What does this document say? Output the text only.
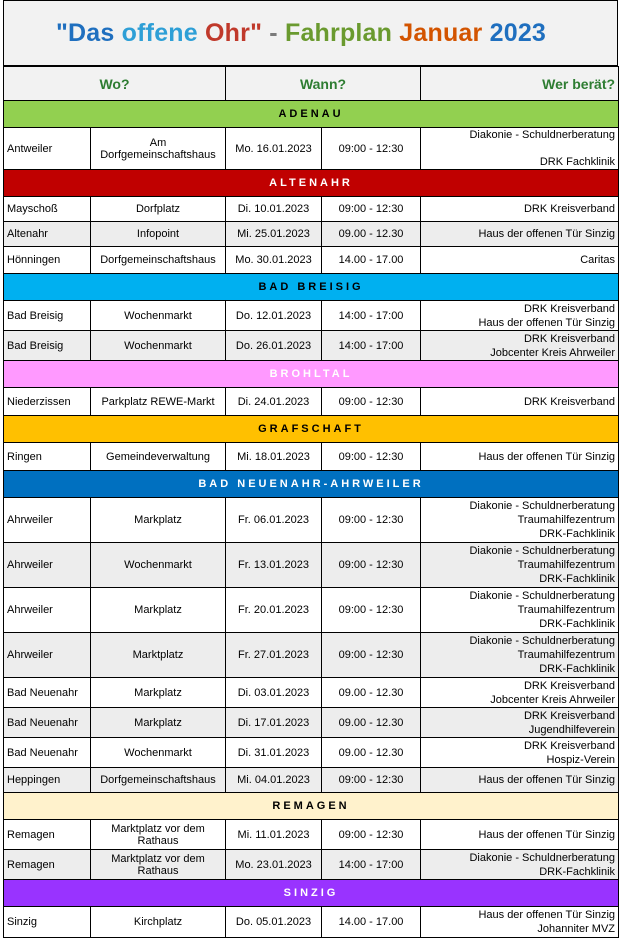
"Das offene Ohr" - Fahrplan Januar 2023
Wo?		Wann?		Wer berät?
ADENAU				
Antweiler	Am Dorfgemeinschaftshaus	Mo. 16.01.2023	09:00 - 12:30	Diakonie - Schuldnerberatung
DRK Fachklinik

ALTENAHR				
Mayschoß	Dorfplatz	Di. 10.01.2023	09:00 - 12:30	DRK Kreisverband

Altenahr	Infopoint	Mi. 25.01.2023	09.00 - 12.30	Haus der offenen Tür Sinzig

Hönningen	Dorfgemeinschaftshaus	Mo. 30.01.2023	14.00 - 17.00	Caritas

BAD BREISIG				
Bad Breisig	Wochenmarkt	Do. 12.01.2023	14:00 - 17:00	DRK Kreisverband
Haus der offenen Tür Sinzig

Bad Breisig	Wochenmarkt	Do. 26.01.2023	14:00 - 17:00	DRK Kreisverband
Jobcenter Kreis Ahrweiler

BROHLTAL				
Niederzissen	Parkplatz REWE-Markt	Di. 24.01.2023	09:00 - 12:30	DRK Kreisverband

GRAFSCHAFT				
Ringen	Gemeindeverwaltung	Mi. 18.01.2023	09:00 - 12:30	Haus der offenen Tür Sinzig

BAD NEUENAHR-AHRWEILER				
Ahrweiler	Markplatz	Fr. 06.01.2023	09:00 - 12:30	Diakonie - Schuldnerberatung
Traumahilfezentrum
DRK-Fachklinik

Ahrweiler	Wochenmarkt	Fr. 13.01.2023	09:00 - 12:30	Diakonie - Schuldnerberatung
Traumahilfezentrum
DRK-Fachklinik

Ahrweiler	Markplatz	Fr. 20.01.2023	09:00 - 12:30	Diakonie - Schuldnerberatung
Traumahilfezentrum
DRK-Fachklinik

Ahrweiler	Marktplatz	Fr. 27.01.2023	09:00 - 12:30	Diakonie - Schuldnerberatung
Traumahilfezentrum
DRK-Fachklinik

Bad Neuenahr	Markplatz	Di. 03.01.2023	09.00 - 12.30	DRK Kreisverband
Jobcenter Kreis Ahrweiler

Bad Neuenahr	Markplatz	Di. 17.01.2023	09.00 - 12.30	DRK Kreisverband
Jugendhilfeverein

Bad Neuenahr	Wochenmarkt	Di. 31.01.2023	09.00 - 12.30	DRK Kreisverband
Hospiz-Verein

Heppingen	Dorfgemeinschaftshaus	Mi. 04.01.2023	09:00 - 12:30	Haus der offenen Tür Sinzig

REMAGEN				
Remagen	Marktplatz vor dem Rathaus	Mi. 11.01.2023	09:00 - 12:30	Haus der offenen Tür Sinzig

Remagen	Marktplatz vor dem Rathaus	Mo. 23.01.2023	14:00 - 17:00	Diakonie - Schuldnerberatung
DRK-Fachklinik

SINZIG				
Sinzig	Kirchplatz	Do. 05.01.2023	14.00 - 17.00	Haus der offenen Tür Sinzig
Johanniter MVZ
